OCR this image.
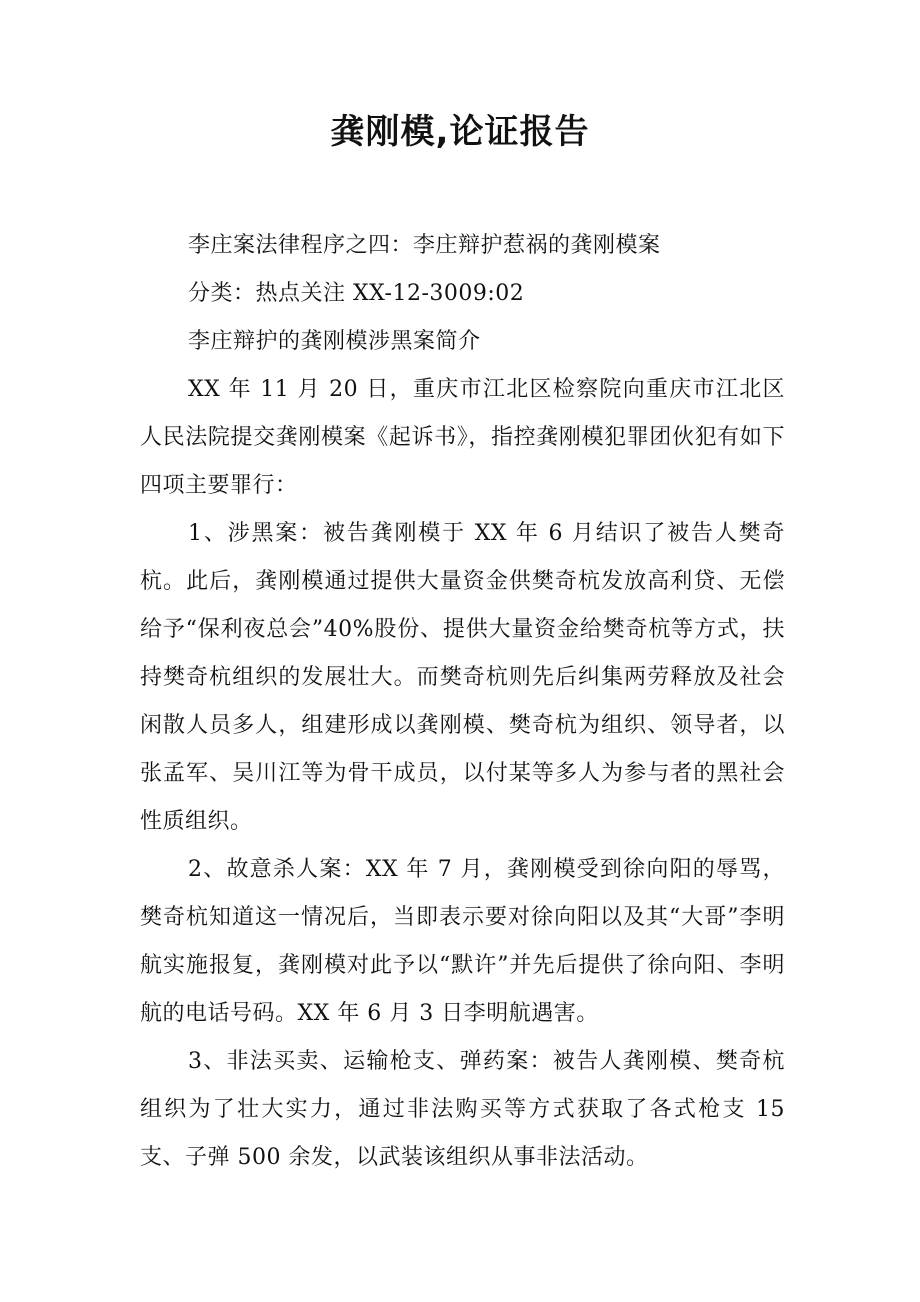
龚刚模,论证报告

李庄案法律程序之四：李庄辩护惹祸的龚刚模案

分类：热点关注 XX-12-3009:02

李庄辩护的龚刚模涉黑案简介

XX 年 11 月 20 日，重庆市江北区检察院向重庆市江北区人民法院提交龚刚模案《起诉书》，指控龚刚模犯罪团伙犯有如下四项主要罪行：

1、涉黑案：被告龚刚模于 XX 年 6 月结识了被告人樊奇杭。此后，龚刚模通过提供大量资金供樊奇杭发放高利贷、无偿给予“保利夜总会”40%股份、提供大量资金给樊奇杭等方式，扶持樊奇杭组织的发展壮大。而樊奇杭则先后纠集两劳释放及社会闲散人员多人，组建形成以龚刚模、樊奇杭为组织、领导者，以张孟军、吴川江等为骨干成员，以付某等多人为参与者的黑社会性质组织。

2、故意杀人案：XX 年 7 月，龚刚模受到徐向阳的辱骂，樊奇杭知道这一情况后，当即表示要对徐向阳以及其“大哥”李明航实施报复，龚刚模对此予以“默许”并先后提供了徐向阳、李明航的电话号码。XX 年 6 月 3 日李明航遇害。

3、非法买卖、运输枪支、弹药案：被告人龚刚模、樊奇杭组织为了壮大实力，通过非法购买等方式获取了各式枪支 15 支、子弹 500 余发，以武装该组织从事非法活动。
